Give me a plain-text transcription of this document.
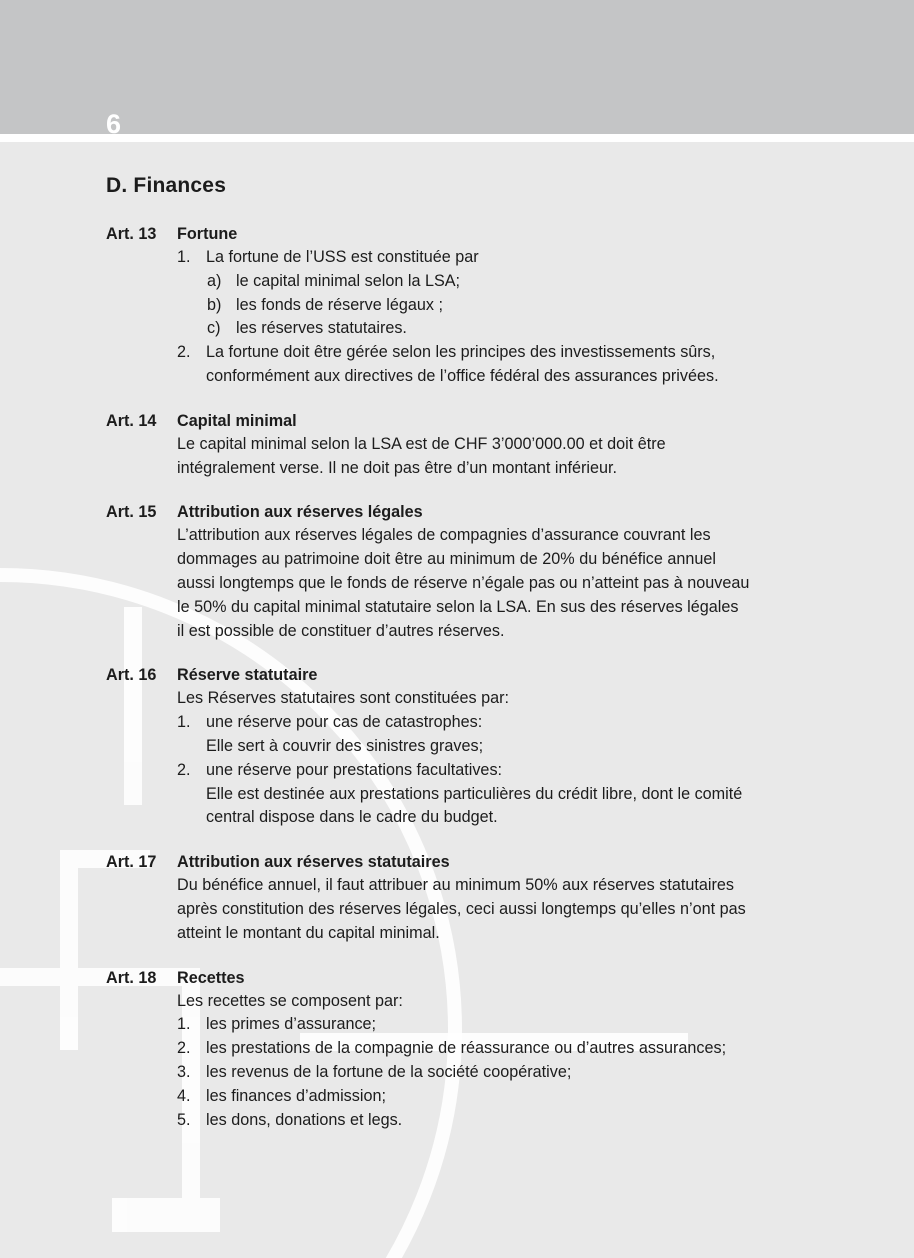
6
D. Finances
Art. 13	Fortune
1. La fortune de l’USS est constituée par
a) le capital minimal selon la LSA;
b) les fonds de réserve légaux ;
c) les réserves statutaires.
2. La fortune doit être gérée selon les principes des investissements sûrs,
conformément aux directives de l’office fédéral des assurances privées.
Art. 14	Capital minimal
Le capital minimal selon la LSA est de CHF 3’000’000.00 et doit être
intégralement verse. Il ne doit pas être d’un montant inférieur.
Art. 15	Attribution aux réserves légales
L’attribution aux réserves légales de compagnies d’assurance couvrant les
dommages au patrimoine doit être au minimum de 20% du bénéfice annuel
aussi longtemps que le fonds de réserve n’égale pas ou n’atteint pas à nouveau
le 50% du capital minimal statutaire selon la LSA. En sus des réserves légales
il est possible de constituer d’autres réserves.
Art. 16	Réserve statutaire
Les Réserves statutaires sont constituées par:
1. une réserve pour cas de catastrophes:
Elle sert à couvrir des sinistres graves;
2. une réserve pour prestations facultatives:
Elle est destinée aux prestations particulières du crédit libre, dont le comité
central dispose dans le cadre du budget.
Art. 17	Attribution aux réserves statutaires
Du bénéfice annuel, il faut attribuer au minimum 50% aux réserves statutaires
après constitution des réserves légales, ceci aussi longtemps qu’elles n’ont pas
atteint le montant du capital minimal.
Art. 18	Recettes
Les recettes se composent par:
1. les primes d’assurance;
2. les prestations de la compagnie de réassurance ou d’autres assurances;
3. les revenus de la fortune de la société coopérative;
4. les finances d’admission;
5. les dons, donations et legs.
